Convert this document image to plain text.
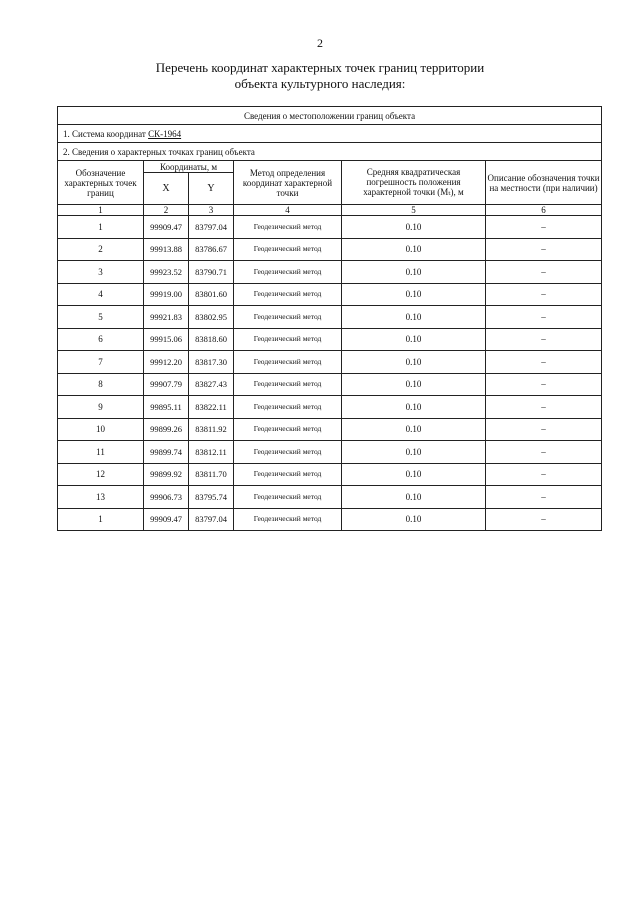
2
Перечень координат характерных точек границ территории
объекта культурного наследия:
Сведения о местоположении границ объекта					
1. Система координат СК-1964					
2. Сведения о характерных точках границ объекта					
Обозначение характерных точек границ	Координаты, м		Метод определения координат характерной точки	Средняя квадратическая погрешность положения характерной точки (Mₜ), м	Описание обозначения точки на местности (при наличии)
	X	Y			
1	2	3	4	5	6
1	99909.47	83797.04	Геодезический метод	0.10	–
2	99913.88	83786.67	Геодезический метод	0.10	–
3	99923.52	83790.71	Геодезический метод	0.10	–
4	99919.00	83801.60	Геодезический метод	0.10	–
5	99921.83	83802.95	Геодезический метод	0.10	–
6	99915.06	83818.60	Геодезический метод	0.10	–
7	99912.20	83817.30	Геодезический метод	0.10	–
8	99907.79	83827.43	Геодезический метод	0.10	–
9	99895.11	83822.11	Геодезический метод	0.10	–
10	99899.26	83811.92	Геодезический метод	0.10	–
11	99899.74	83812.11	Геодезический метод	0.10	–
12	99899.92	83811.70	Геодезический метод	0.10	–
13	99906.73	83795.74	Геодезический метод	0.10	–
1	99909.47	83797.04	Геодезический метод	0.10	–
